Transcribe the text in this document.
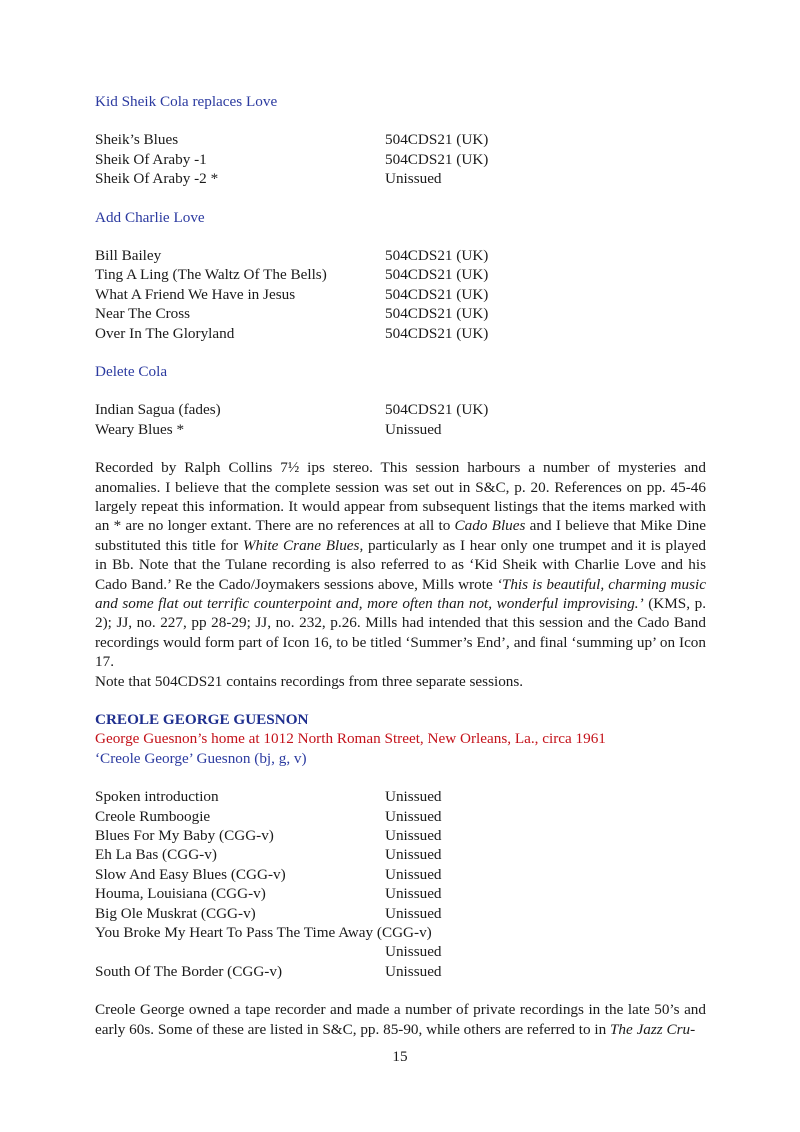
Kid Sheik Cola replaces Love
Sheik’s Blues	504CDS21 (UK)
Sheik Of Araby -1	504CDS21 (UK)
Sheik Of Araby -2 *	Unissued
Add Charlie Love
Bill Bailey	504CDS21 (UK)
Ting A Ling (The Waltz Of The Bells)	504CDS21 (UK)
What A Friend We Have in Jesus	504CDS21 (UK)
Near The Cross	504CDS21 (UK)
Over In The Gloryland	504CDS21 (UK)
Delete Cola
Indian Sagua (fades)	504CDS21 (UK)
Weary Blues *	Unissued

Recorded by Ralph Collins 7½ ips stereo. This session harbours a number of mysteries and anomalies. I believe that the complete session was set out in S&C, p. 20. References on pp. 45-46 largely repeat this information. It would appear from subsequent listings that the items marked with an * are no longer extant. There are no references at all to Cado Blues and I believe that Mike Dine substituted this title for White Crane Blues, particularly as I hear only one trumpet and it is played in Bb. Note that the Tulane recording is also referred to as ‘Kid Sheik with Charlie Love and his Cado Band.’ Re the Cado/Joymakers sessions above, Mills wrote ‘This is beautiful, charming music and some flat out terrific counterpoint and, more often than not, wonderful improvising.’ (KMS, p. 2); JJ, no. 227, pp 28-29; JJ, no. 232, p.26. Mills had intended that this session and the Cado Band recordings would form part of Icon 16, to be titled ‘Summer’s End’, and final ‘summing up’ on Icon 17.

Note that 504CDS21 contains recordings from three separate sessions.

CREOLE GEORGE GUESNON
George Guesnon’s home at 1012 North Roman Street, New Orleans, La., circa 1961
‘Creole George’ Guesnon (bj, g, v)
Spoken introduction	Unissued
Creole Rumboogie	Unissued
Blues For My Baby (CGG-v)	Unissued
Eh La Bas (CGG-v)	Unissued
Slow And Easy Blues (CGG-v)	Unissued
Houma, Louisiana (CGG-v)	Unissued
Big Ole Muskrat (CGG-v)	Unissued
You Broke My Heart To Pass The Time Away (CGG-v)
Unissued
South Of The Border (CGG-v)	Unissued

Creole George owned a tape recorder and made a number of private recordings in the late 50’s and early 60s. Some of these are listed in S&C, pp. 85-90, while others are referred to in The Jazz Cru-

15
